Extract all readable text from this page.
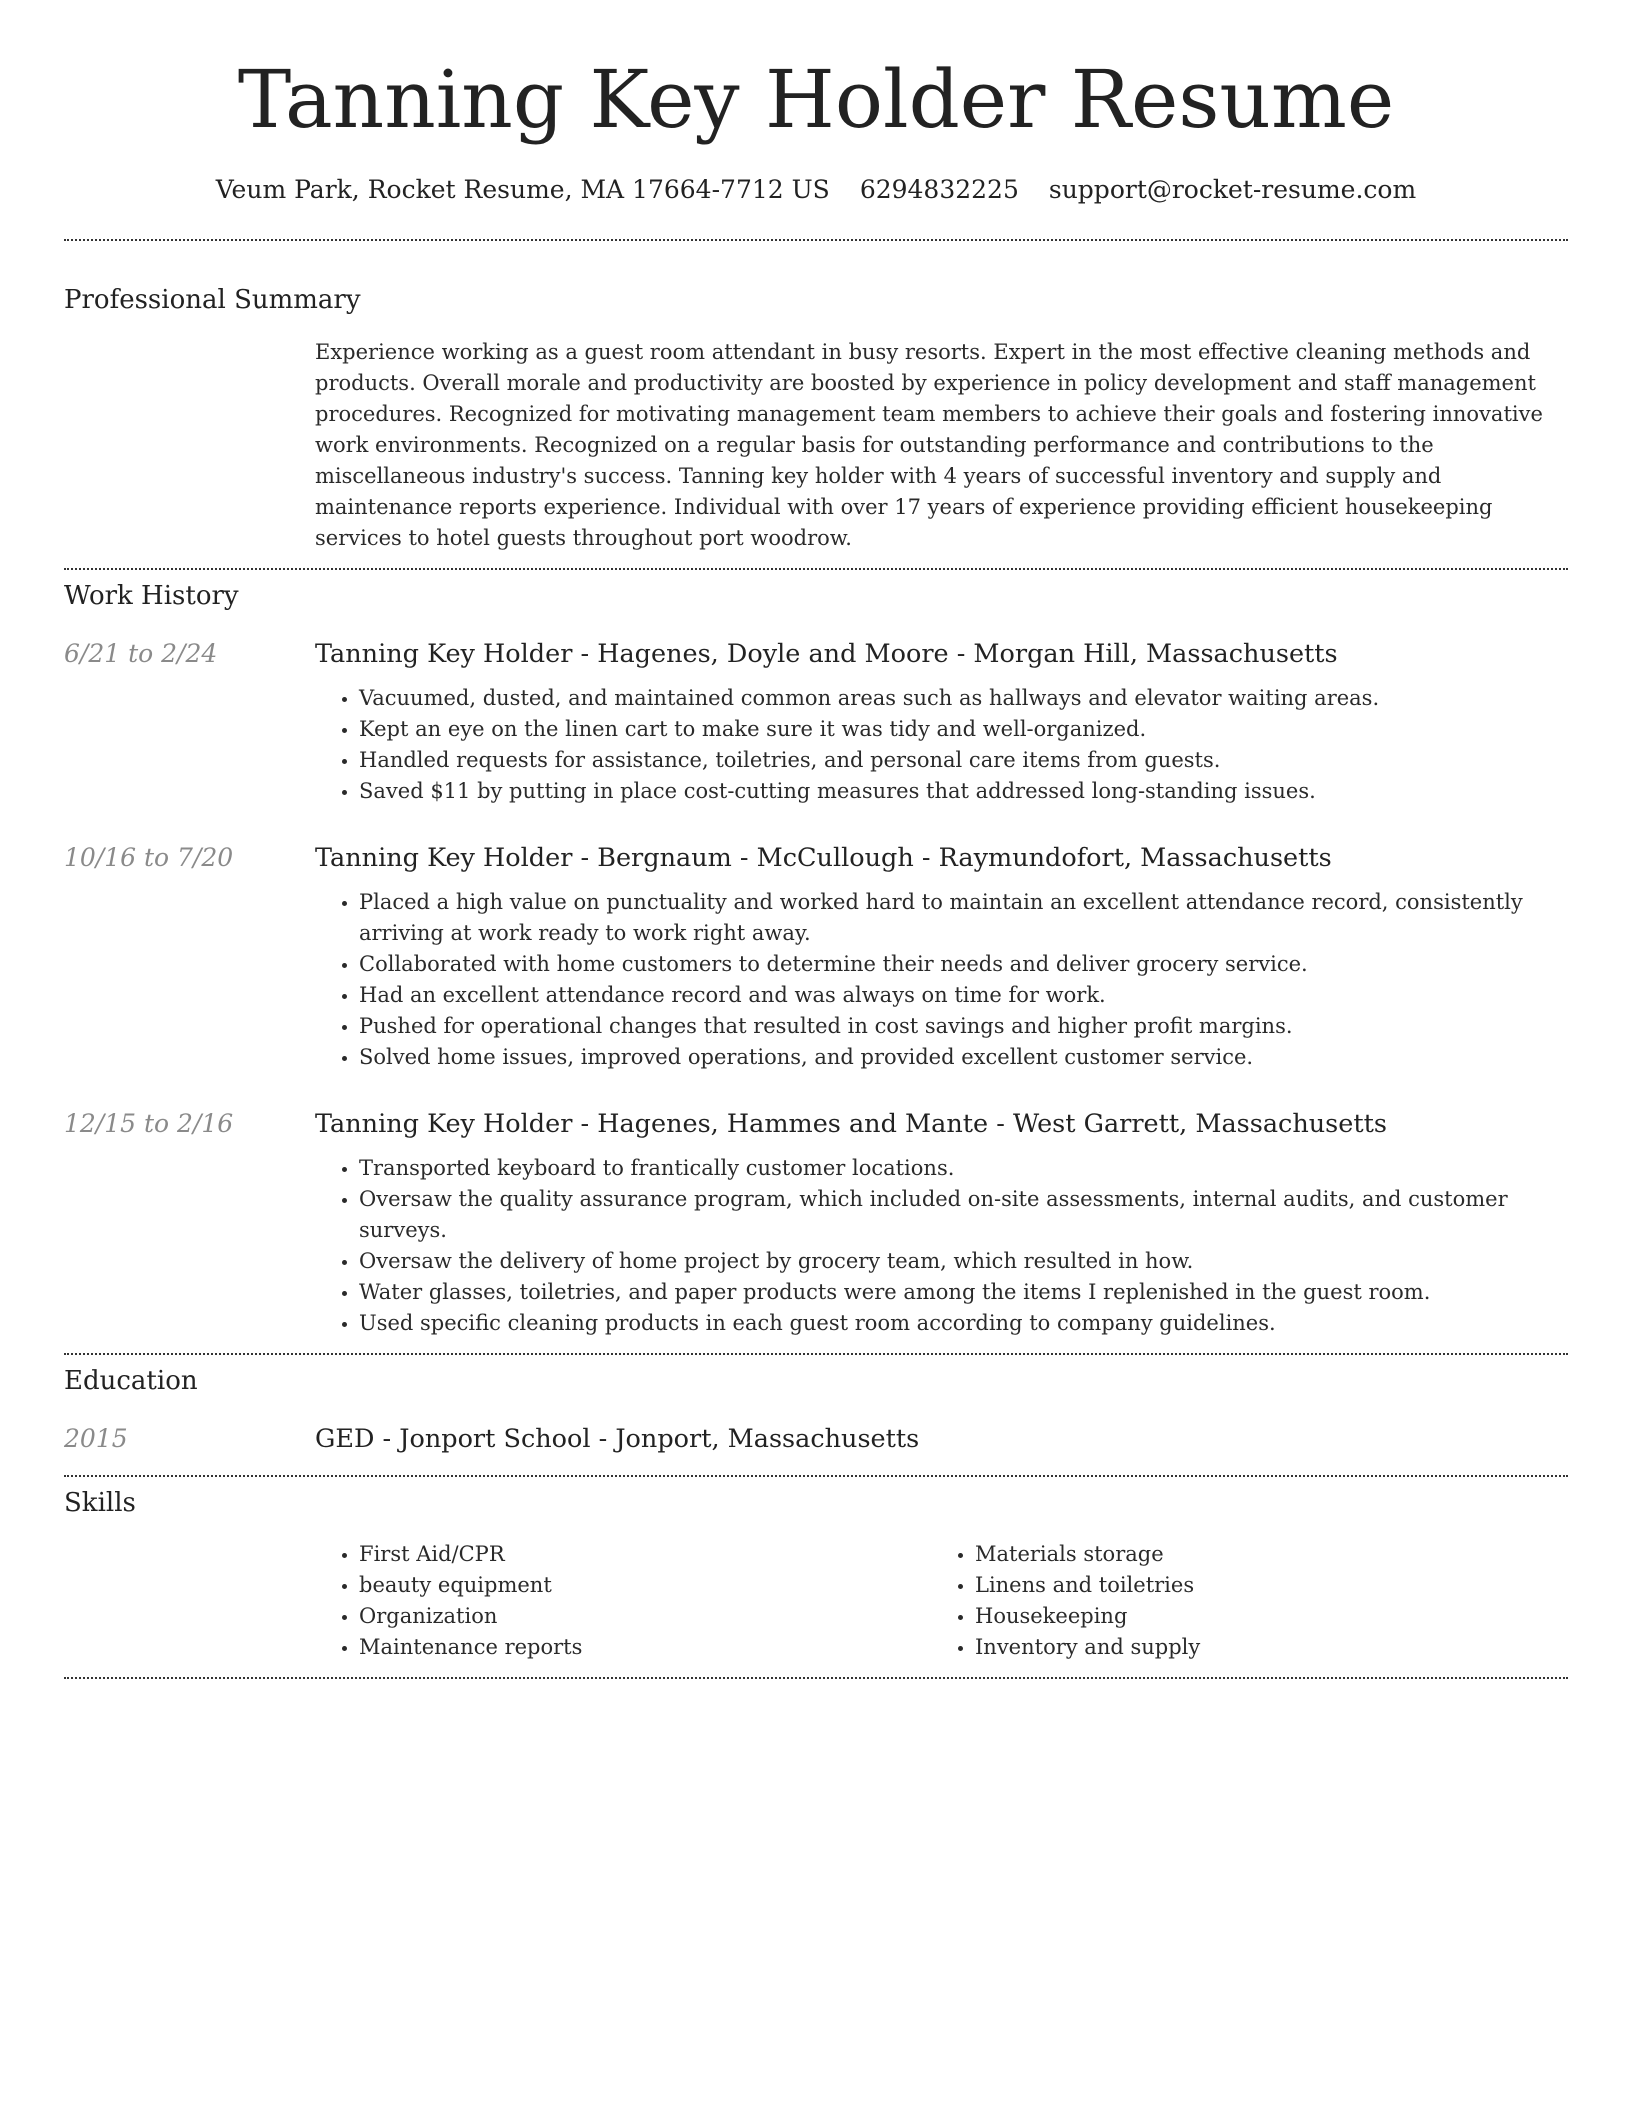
Tanning Key Holder Resume
Veum Park, Rocket Resume, MA 17664-7712 US 6294832225 support@rocket-resume.com
Professional Summary

Experience working as a guest room attendant in busy resorts. Expert in the most effective cleaning methods and products. Overall morale and productivity are boosted by experience in policy development and staff management procedures. Recognized for motivating management team members to achieve their goals and fostering innovative work environments. Recognized on a regular basis for outstanding performance and contributions to the miscellaneous industry's success. Tanning key holder with 4 years of successful inventory and supply and maintenance reports experience. Individual with over 17 years of experience providing efficient housekeeping services to hotel guests throughout port woodrow.

Work History
6/21 to 2/24	Tanning Key Holder - Hagenes, Doyle and Moore - Morgan Hill, Massachusetts
• Vacuumed, dusted, and maintained common areas such as hallways and elevator waiting areas.
• Kept an eye on the linen cart to make sure it was tidy and well-organized.
• Handled requests for assistance, toiletries, and personal care items from guests.
• Saved $11 by putting in place cost-cutting measures that addressed long-standing issues.
10/16 to 7/20	Tanning Key Holder - Bergnaum - McCullough - Raymundofort, Massachusetts
• Placed a high value on punctuality and worked hard to maintain an excellent attendance record, consistently arriving at work ready to work right away.
• Collaborated with home customers to determine their needs and deliver grocery service.
• Had an excellent attendance record and was always on time for work.
• Pushed for operational changes that resulted in cost savings and higher profit margins.
• Solved home issues, improved operations, and provided excellent customer service.
12/15 to 2/16	Tanning Key Holder - Hagenes, Hammes and Mante - West Garrett, Massachusetts
• Transported keyboard to frantically customer locations.
• Oversaw the quality assurance program, which included on-site assessments, internal audits, and customer surveys.
• Oversaw the delivery of home project by grocery team, which resulted in how.
• Water glasses, toiletries, and paper products were among the items I replenished in the guest room.
• Used specific cleaning products in each guest room according to company guidelines.
Education
2015	GED - Jonport School - Jonport, Massachusetts
Skills
• First Aid/CPR
• beauty equipment
• Organization
• Maintenance reports
• Materials storage
• Linens and toiletries
• Housekeeping
• Inventory and supply
